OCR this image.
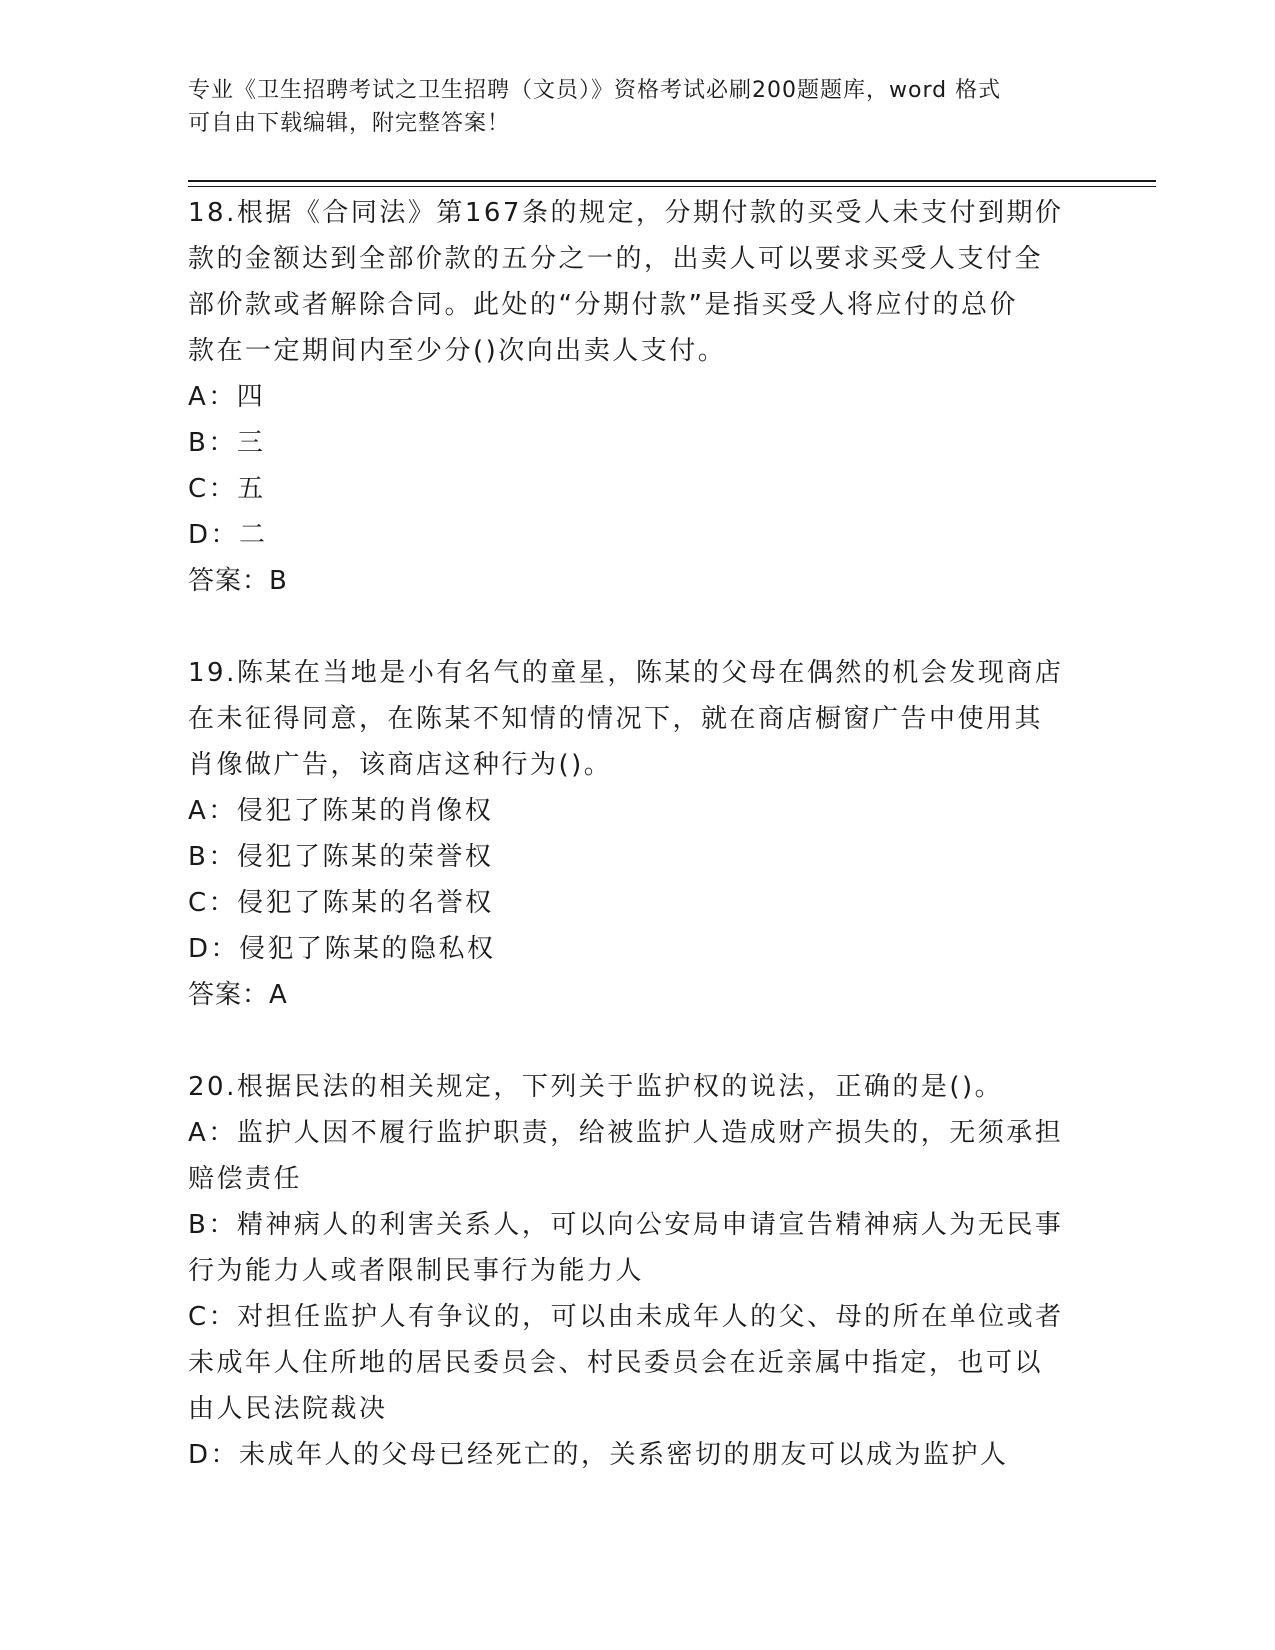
专业《卫生招聘考试之卫生招聘（文员）》资格考试必刷200题题库，word 格式
可自由下载编辑，附完整答案！

18.根据《合同法》第167条的规定，分期付款的买受人未支付到期价

款的金额达到全部价款的五分之一的，出卖人可以要求买受人支付全

部价款或者解除合同。此处的“分期付款”是指买受人将应付的总价

款在一定期间内至少分()次向出卖人支付。

A：四

B：三

C：五

D：二

答案：B

19.陈某在当地是小有名气的童星，陈某的父母在偶然的机会发现商店

在未征得同意，在陈某不知情的情况下，就在商店橱窗广告中使用其

肖像做广告，该商店这种行为()。

A：侵犯了陈某的肖像权

B：侵犯了陈某的荣誉权

C：侵犯了陈某的名誉权

D：侵犯了陈某的隐私权

答案：A

20.根据民法的相关规定，下列关于监护权的说法，正确的是()。

A：监护人因不履行监护职责，给被监护人造成财产损失的，无须承担

赔偿责任

B：精神病人的利害关系人，可以向公安局申请宣告精神病人为无民事

行为能力人或者限制民事行为能力人

C：对担任监护人有争议的，可以由未成年人的父、母的所在单位或者

未成年人住所地的居民委员会、村民委员会在近亲属中指定，也可以

由人民法院裁决

D：未成年人的父母已经死亡的，关系密切的朋友可以成为监护人
